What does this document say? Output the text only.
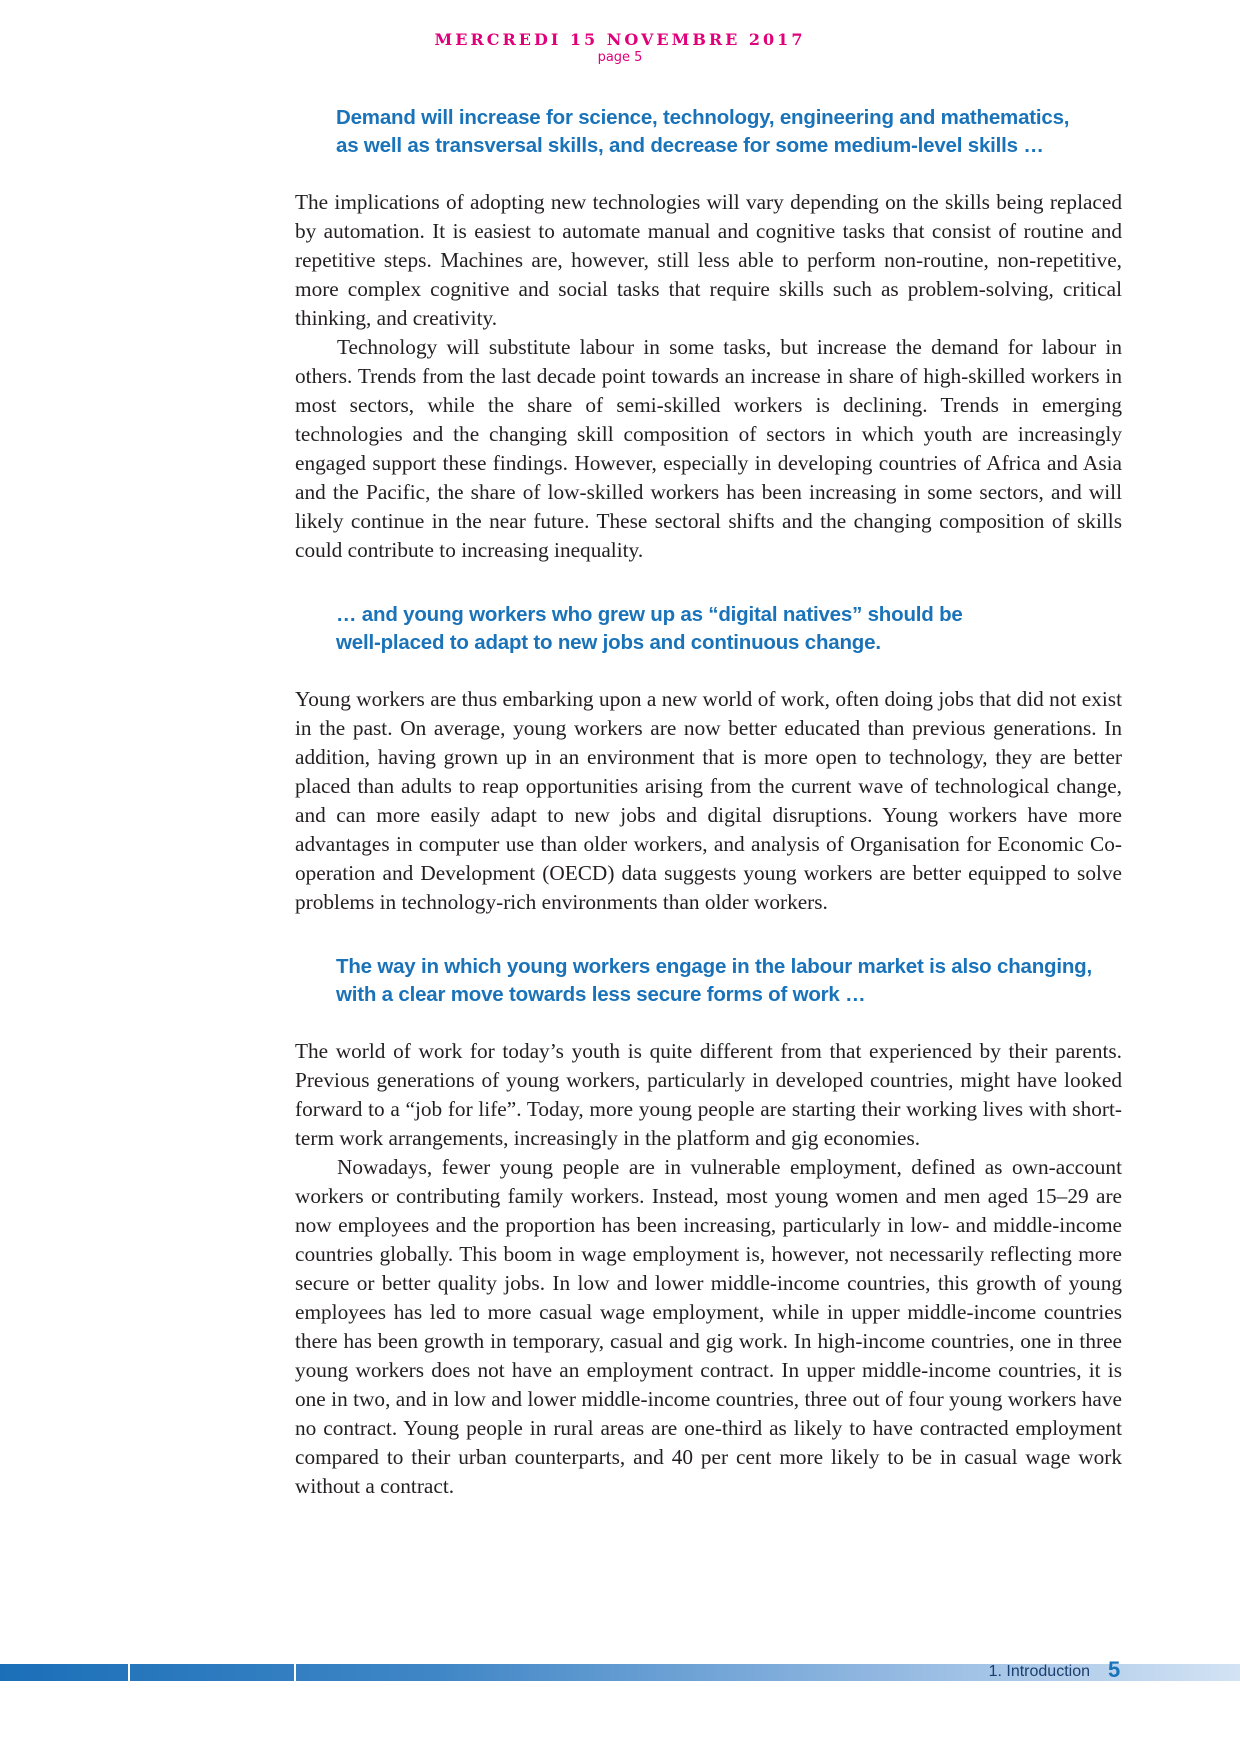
MERCREDI 15 NOVEMBRE 2017
page 5
Demand will increase for science, technology, engineering and mathematics,
as well as transversal skills, and decrease for some medium-level skills …

The implications of adopting new technologies will vary depending on the skills being replaced by automation. It is easiest to automate manual and cognitive tasks that consist of routine and repetitive steps. Machines are, however, still less able to perform non-routine, non-repetitive, more complex cognitive and social tasks that require skills such as problem-solving, critical thinking, and creativity.

Technology will substitute labour in some tasks, but increase the demand for labour in others. Trends from the last decade point towards an increase in share of high-skilled workers in most sectors, while the share of semi-skilled workers is declining. Trends in emerging technologies and the changing skill composition of sectors in which youth are increasingly engaged support these findings. However, especially in developing countries of Africa and Asia and the Pacific, the share of low-skilled workers has been increasing in some sectors, and will likely continue in the near future. These sectoral shifts and the changing composition of skills could contribute to increasing inequality.

… and young workers who grew up as “digital natives” should be
well-placed to adapt to new jobs and continuous change.

Young workers are thus embarking upon a new world of work, often doing jobs that did not exist in the past. On average, young workers are now better educated than previous generations. In addition, having grown up in an environment that is more open to technology, they are better placed than adults to reap opportunities arising from the current wave of technological change, and can more easily adapt to new jobs and digital disruptions. Young workers have more advantages in computer use than older workers, and analysis of Organisation for Economic Co-operation and Development (OECD) data suggests young workers are better equipped to solve problems in technology-rich environments than older workers.

The way in which young workers engage in the labour market is also changing,
with a clear move towards less secure forms of work …

The world of work for today’s youth is quite different from that experienced by their parents. Previous generations of young workers, particularly in developed countries, might have looked forward to a “job for life”. Today, more young people are starting their working lives with short-term work arrangements, increasingly in the platform and gig economies.

Nowadays, fewer young people are in vulnerable employment, defined as own-account workers or contributing family workers. Instead, most young women and men aged 15–29 are now employees and the proportion has been increasing, particularly in low- and middle-income countries globally. This boom in wage employment is, however, not necessarily reflecting more secure or better quality jobs. In low and lower middle-income countries, this growth of young employees has led to more casual wage employment, while in upper middle-income countries there has been growth in temporary, casual and gig work. In high-income countries, one in three young workers does not have an employment contract. In upper middle-income countries, it is one in two, and in low and lower middle-income countries, three out of four young workers have no contract. Young people in rural areas are one-third as likely to have contracted employment compared to their urban counterparts, and 40 per cent more likely to be in casual wage work without a contract.

1. Introduction 5
